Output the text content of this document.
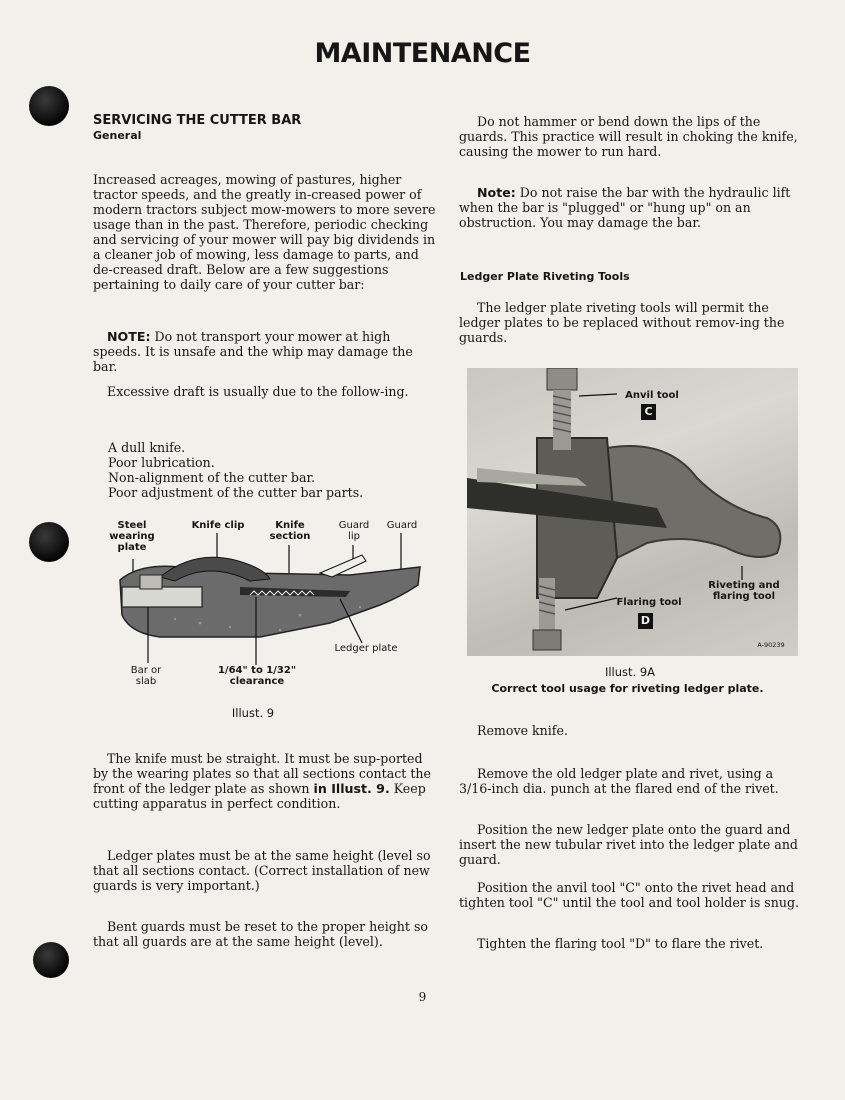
MAINTENANCE
SERVICING THE CUTTER BAR
General

Increased acreages, mowing of pastures, higher tractor speeds, and the greatly in-creased power of modern tractors subject mow-mowers to more severe usage than in the past. Therefore, periodic checking and servicing of your mower will pay big dividends in a cleaner job of mowing, less damage to parts, and de-creased draft. Below are a few suggestions pertaining to daily care of your cutter bar:

NOTE: Do not transport your mower at high speeds. It is unsafe and the whip may damage the bar.

Excessive draft is usually due to the follow-ing.

A dull knife.
Poor lubrication.
Non-alignment of the cutter bar.
Poor adjustment of the cutter bar parts.
Steel wearing plate
Knife clip	Knife section
Guard lip
Guard
Ledger plate
Bar or slab
1/64" to 1/32" clearance
Illust. 9

The knife must be straight. It must be sup-ported by the wearing plates so that all sections contact the front of the ledger plate as shown in Illust. 9. Keep cutting apparatus in perfect condition.

Ledger plates must be at the same height (level so that all sections contact. (Correct installation of new guards is very important.)

Bent guards must be reset to the proper height so that all guards are at the same height (level).

Do not hammer or bend down the lips of the guards. This practice will result in choking the knife, causing the mower to run hard.

Note: Do not raise the bar with the hydraulic lift when the bar is "plugged" or "hung up" on an obstruction. You may damage the bar.

Ledger Plate Riveting Tools

The ledger plate riveting tools will permit the ledger plates to be replaced without remov-ing the guards.

Anvil tool
C
Riveting and flaring tool
Flaring tool
D
A-90239
Illust. 9A
Correct tool usage for riveting ledger plate.

Remove knife.

Remove the old ledger plate and rivet, using a 3/16-inch dia. punch at the flared end of the rivet.

Position the new ledger plate onto the guard and insert the new tubular rivet into the ledger plate and guard.

Position the anvil tool "C" onto the rivet head and tighten tool "C" until the tool and tool holder is snug.

Tighten the flaring tool "D" to flare the rivet.

9
